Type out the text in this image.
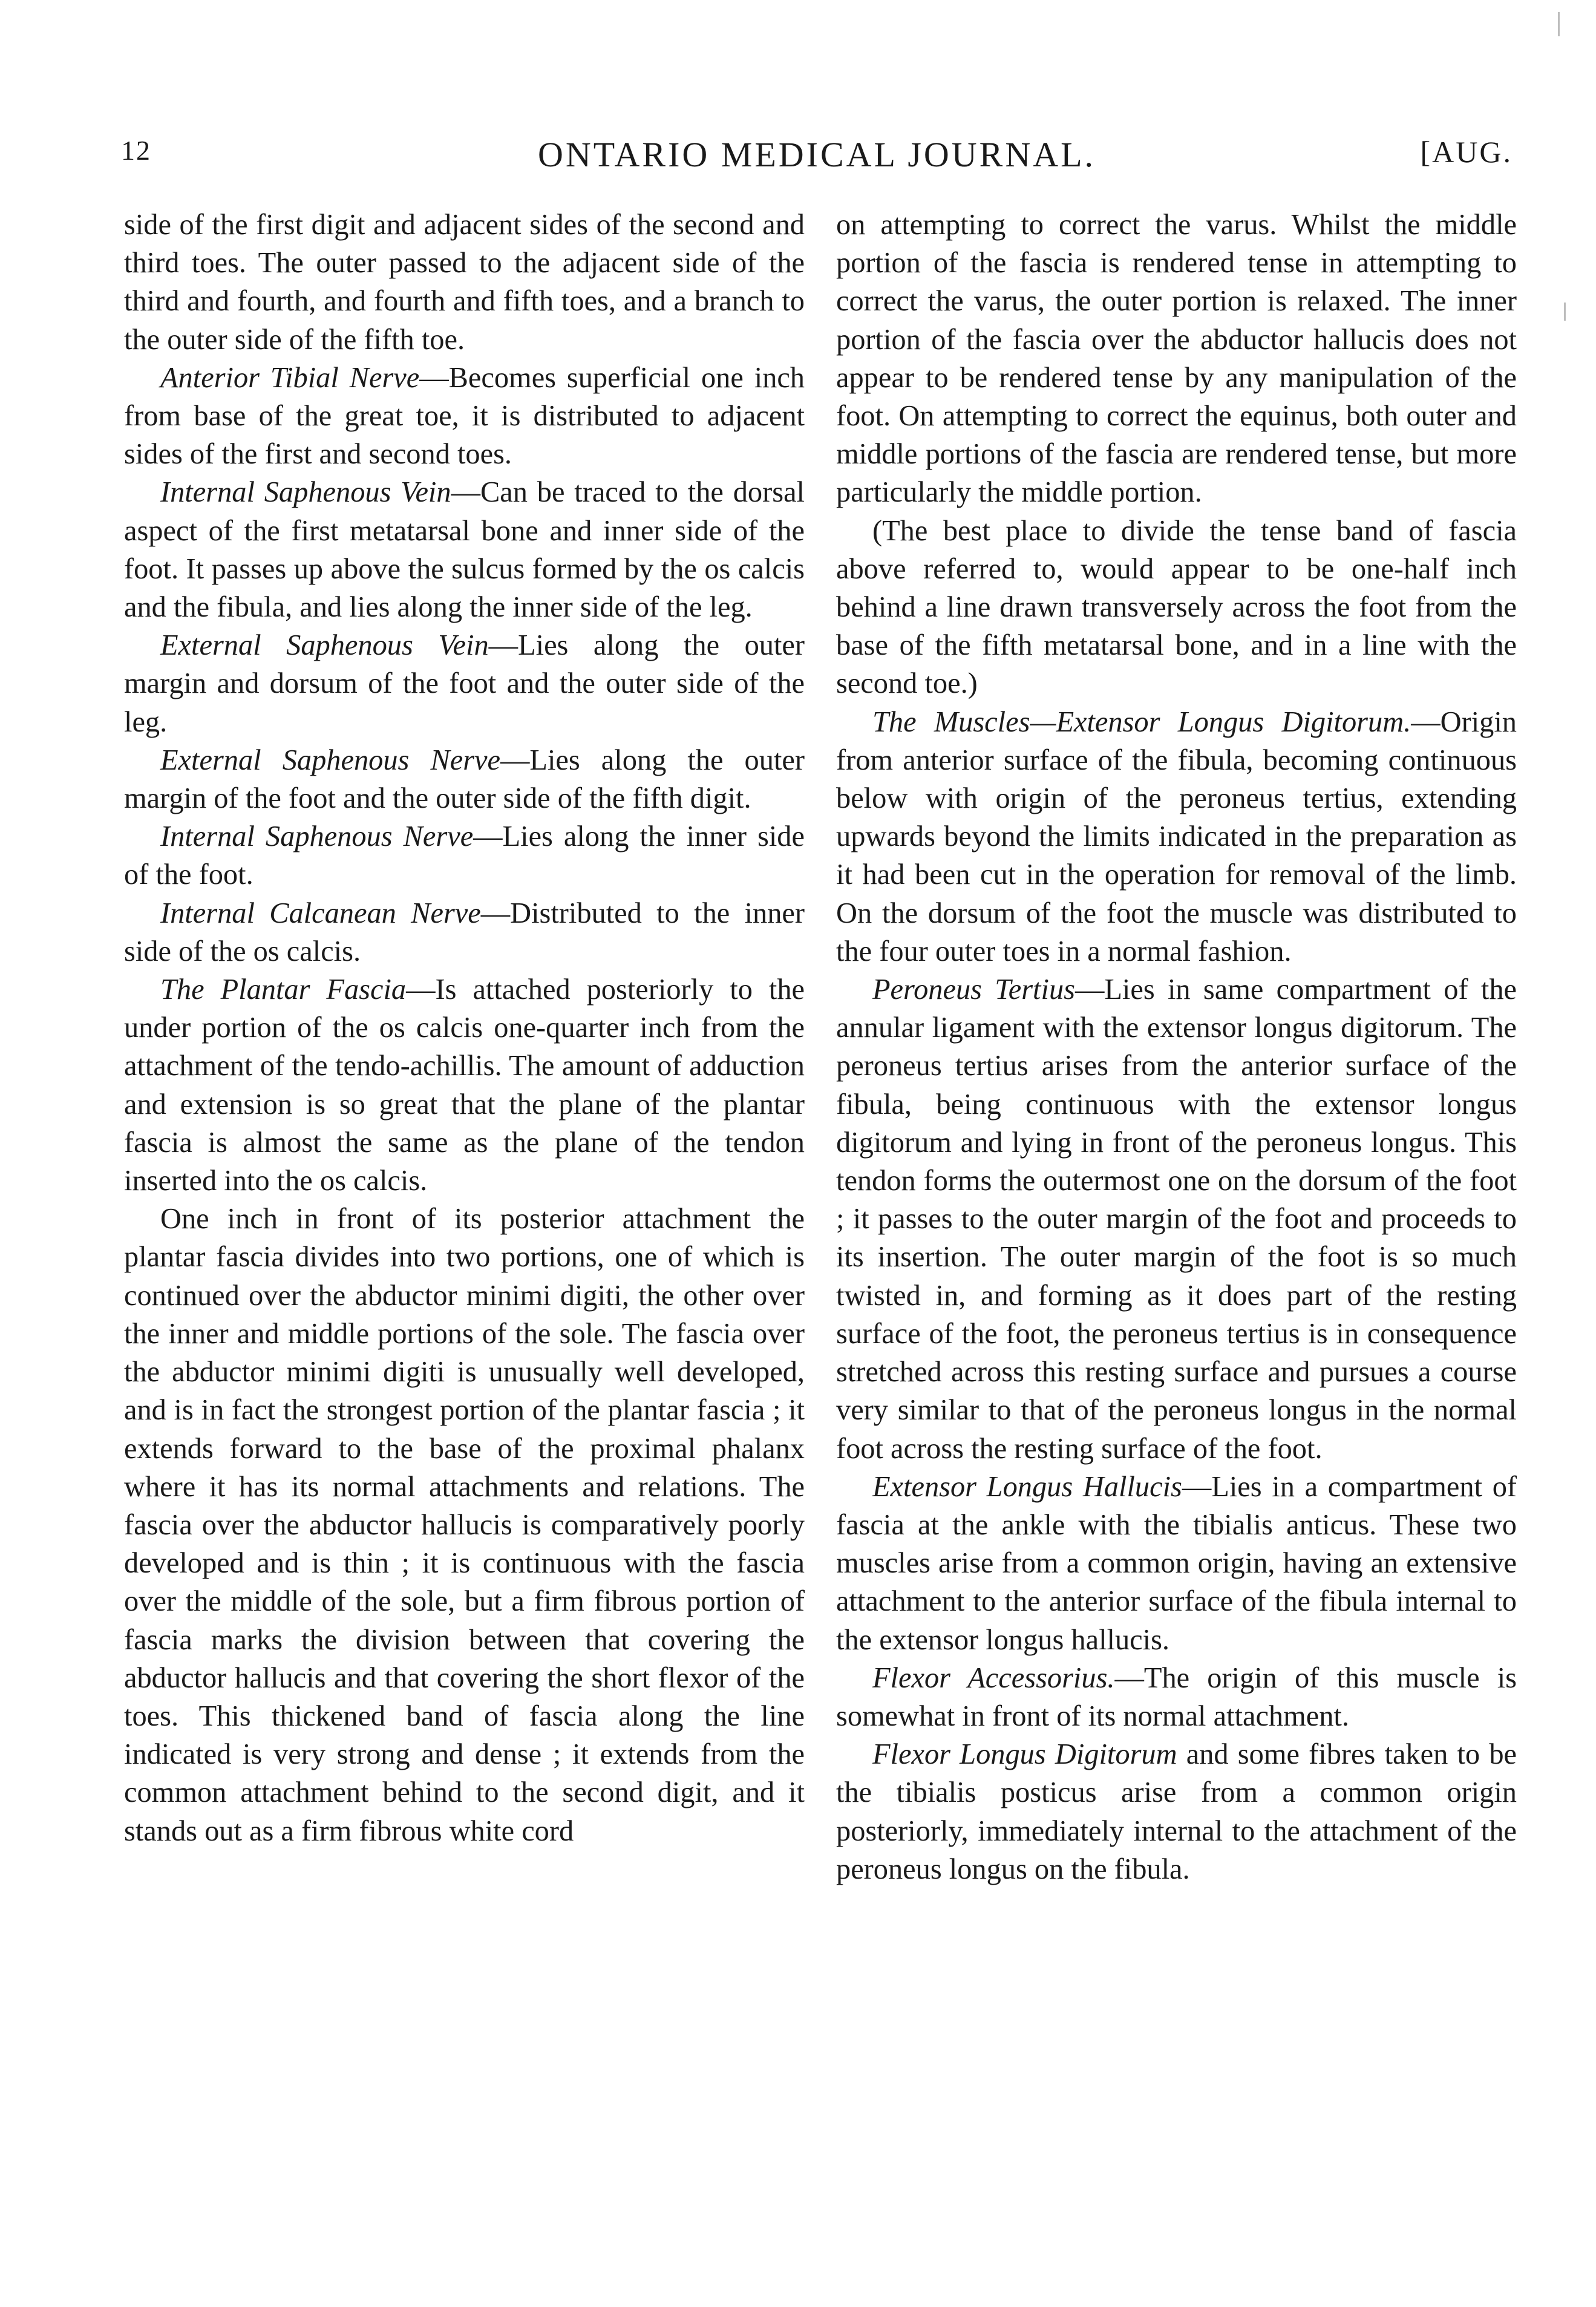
12	ONTARIO MEDICAL JOURNAL.	[AUG.

side of the first digit and adjacent sides of the second and third toes. The outer passed to the adjacent side of the third and fourth, and fourth and fifth toes, and a branch to the outer side of the fifth toe.

Anterior Tibial Nerve—Becomes superficial one inch from base of the great toe, it is distributed to adjacent sides of the first and second toes.

Internal Saphenous Vein—Can be traced to the dorsal aspect of the first metatarsal bone and inner side of the foot. It passes up above the sulcus formed by the os calcis and the fibula, and lies along the inner side of the leg.

External Saphenous Vein—Lies along the outer margin and dorsum of the foot and the outer side of the leg.

External Saphenous Nerve—Lies along the outer margin of the foot and the outer side of the fifth digit.

Internal Saphenous Nerve—Lies along the inner side of the foot.

Internal Calcanean Nerve—Distributed to the inner side of the os calcis.

The Plantar Fascia—Is attached posteriorly to the under portion of the os calcis one-quarter inch from the attachment of the tendo-achillis. The amount of adduction and extension is so great that the plane of the plantar fascia is almost the same as the plane of the tendon inserted into the os calcis.

One inch in front of its posterior attachment the plantar fascia divides into two portions, one of which is continued over the abductor minimi digiti, the other over the inner and middle portions of the sole. The fascia over the abductor minimi digiti is unusually well developed, and is in fact the strongest portion of the plantar fascia ; it extends forward to the base of the proximal phalanx where it has its normal attachments and relations. The fascia over the abductor hallucis is comparatively poorly developed and is thin ; it is continuous with the fascia over the middle of the sole, but a firm fibrous portion of fascia marks the division between that covering the abductor hallucis and that covering the short flexor of the toes. This thickened band of fascia along the line indicated is very strong and dense ; it extends from the common attachment behind to the second digit, and it stands out as a firm fibrous white cord

on attempting to correct the varus. Whilst the middle portion of the fascia is rendered tense in attempting to correct the varus, the outer portion is relaxed. The inner portion of the fascia over the abductor hallucis does not appear to be rendered tense by any manipulation of the foot. On attempting to correct the equinus, both outer and middle portions of the fascia are rendered tense, but more particularly the middle portion.

(The best place to divide the tense band of fascia above referred to, would appear to be one-half inch behind a line drawn transversely across the foot from the base of the fifth metatarsal bone, and in a line with the second toe.)

The Muscles—Extensor Longus Digitorum.—Origin from anterior surface of the fibula, becoming continuous below with origin of the peroneus tertius, extending upwards beyond the limits indicated in the preparation as it had been cut in the operation for removal of the limb. On the dorsum of the foot the muscle was distributed to the four outer toes in a normal fashion.

Peroneus Tertius—Lies in same compartment of the annular ligament with the extensor longus digitorum. The peroneus tertius arises from the anterior surface of the fibula, being continuous with the extensor longus digitorum and lying in front of the peroneus longus. This tendon forms the outermost one on the dorsum of the foot ; it passes to the outer margin of the foot and proceeds to its insertion. The outer margin of the foot is so much twisted in, and forming as it does part of the resting surface of the foot, the peroneus tertius is in consequence stretched across this resting surface and pursues a course very similar to that of the peroneus longus in the normal foot across the resting surface of the foot.

Extensor Longus Hallucis—Lies in a compartment of fascia at the ankle with the tibialis anticus. These two muscles arise from a common origin, having an extensive attachment to the anterior surface of the fibula internal to the extensor longus hallucis.

Flexor Accessorius.—The origin of this muscle is somewhat in front of its normal attachment.

Flexor Longus Digitorum and some fibres taken to be the tibialis posticus arise from a common origin posteriorly, immediately internal to the attachment of the peroneus longus on the fibula.
